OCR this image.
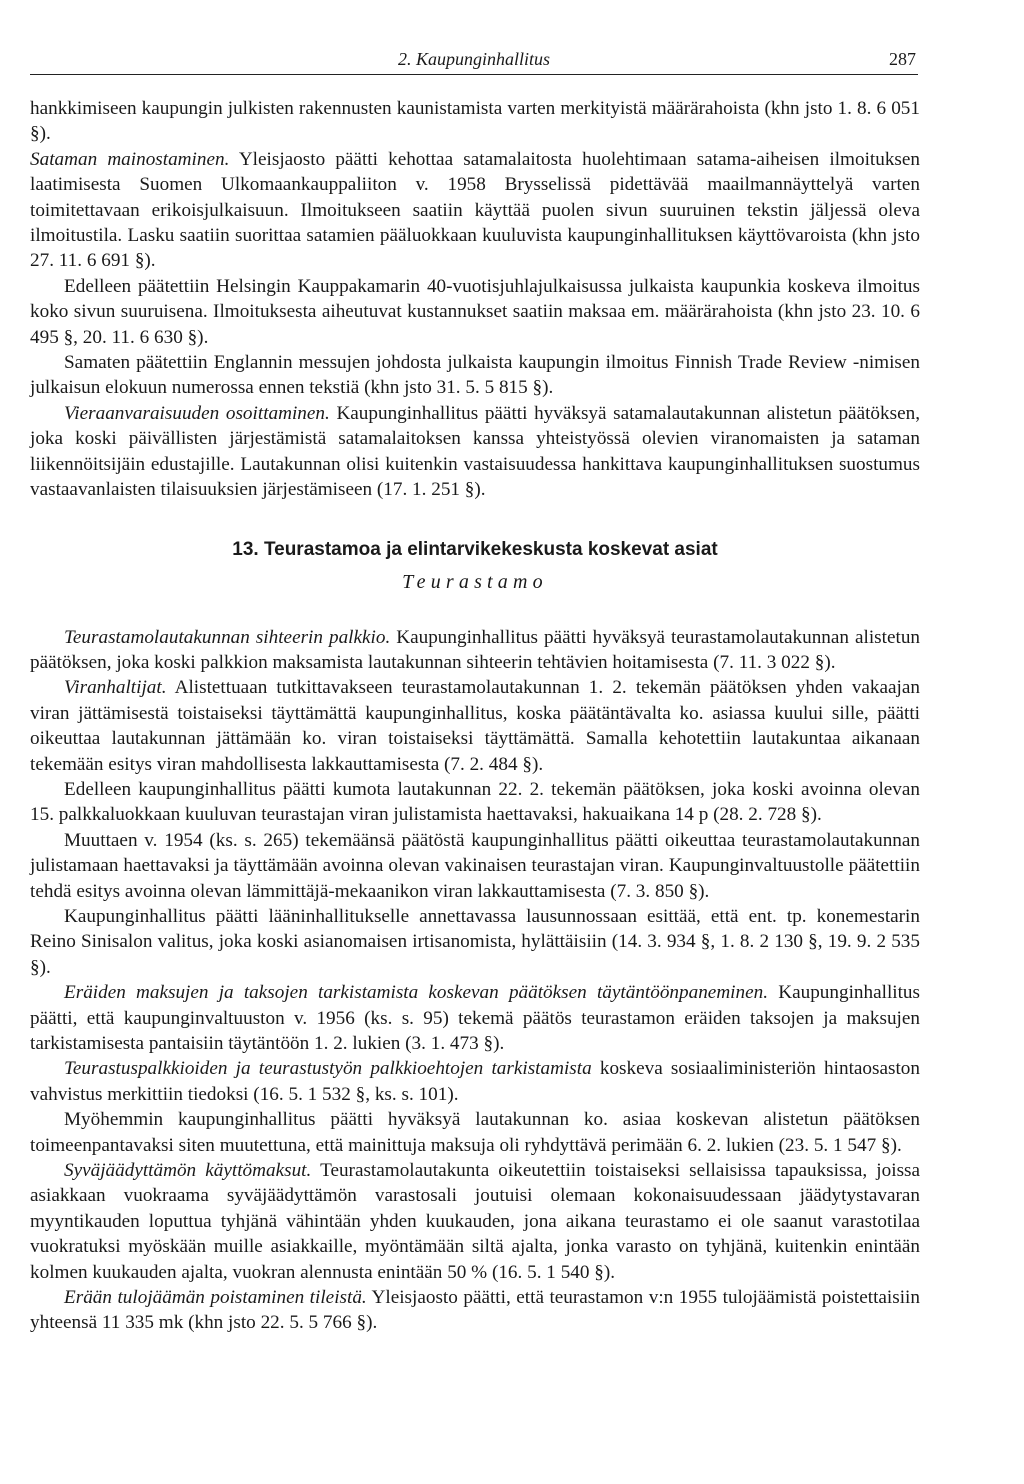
2. Kaupunginhallitus	287

hankkimiseen kaupungin julkisten rakennusten kaunistamista varten merkityistä määrärahoista (khn jsto 1. 8. 6 051 §).

Sataman mainostaminen. Yleisjaosto päätti kehottaa satamalaitosta huolehtimaan satama-aiheisen ilmoituksen laatimisesta Suomen Ulkomaankauppaliiton v. 1958 Brysselissä pidettävää maailmannäyttelyä varten toimitettavaan erikoisjulkaisuun. Ilmoitukseen saatiin käyttää puolen sivun suuruinen tekstin jäljessä oleva ilmoitustila. Lasku saatiin suorittaa satamien pääluokkaan kuuluvista kaupunginhallituksen käyttövaroista (khn jsto 27. 11. 6 691 §).

Edelleen päätettiin Helsingin Kauppakamarin 40-vuotisjuhlajulkaisussa julkaista kaupunkia koskeva ilmoitus koko sivun suuruisena. Ilmoituksesta aiheutuvat kustannukset saatiin maksaa em. määrärahoista (khn jsto 23. 10. 6 495 §, 20. 11. 6 630 §).

Samaten päätettiin Englannin messujen johdosta julkaista kaupungin ilmoitus Finnish Trade Review -nimisen julkaisun elokuun numerossa ennen tekstiä (khn jsto 31. 5. 5 815 §).

Vieraanvaraisuuden osoittaminen. Kaupunginhallitus päätti hyväksyä satamalautakunnan alistetun päätöksen, joka koski päivällisten järjestämistä satamalaitoksen kanssa yhteistyössä olevien viranomaisten ja sataman liikennöitsijäin edustajille. Lautakunnan olisi kuitenkin vastaisuudessa hankittava kaupunginhallituksen suostumus vastaavanlaisten tilaisuuksien järjestämiseen (17. 1. 251 §).

13. Teurastamoa ja elintarvikekeskusta koskevat asiat
Teurastamo

Teurastamolautakunnan sihteerin palkkio. Kaupunginhallitus päätti hyväksyä teurastamolautakunnan alistetun päätöksen, joka koski palkkion maksamista lautakunnan sihteerin tehtävien hoitamisesta (7. 11. 3 022 §).

Viranhaltijat. Alistettuaan tutkittavakseen teurastamolautakunnan 1. 2. tekemän päätöksen yhden vakaajan viran jättämisestä toistaiseksi täyttämättä kaupunginhallitus, koska päätäntävalta ko. asiassa kuului sille, päätti oikeuttaa lautakunnan jättämään ko. viran toistaiseksi täyttämättä. Samalla kehotettiin lautakuntaa aikanaan tekemään esitys viran mahdollisesta lakkauttamisesta (7. 2. 484 §).

Edelleen kaupunginhallitus päätti kumota lautakunnan 22. 2. tekemän päätöksen, joka koski avoinna olevan 15. palkkaluokkaan kuuluvan teurastajan viran julistamista haettavaksi, hakuaikana 14 p (28. 2. 728 §).

Muuttaen v. 1954 (ks. s. 265) tekemäänsä päätöstä kaupunginhallitus päätti oikeuttaa teurastamolautakunnan julistamaan haettavaksi ja täyttämään avoinna olevan vakinaisen teurastajan viran. Kaupunginvaltuustolle päätettiin tehdä esitys avoinna olevan lämmittäjä-mekaanikon viran lakkauttamisesta (7. 3. 850 §).

Kaupunginhallitus päätti lääninhallitukselle annettavassa lausunnossaan esittää, että ent. tp. konemestarin Reino Sinisalon valitus, joka koski asianomaisen irtisanomista, hylättäisiin (14. 3. 934 §, 1. 8. 2 130 §, 19. 9. 2 535 §).

Eräiden maksujen ja taksojen tarkistamista koskevan päätöksen täytäntöönpaneminen. Kaupunginhallitus päätti, että kaupunginvaltuuston v. 1956 (ks. s. 95) tekemä päätös teurastamon eräiden taksojen ja maksujen tarkistamisesta pantaisiin täytäntöön 1. 2. lukien (3. 1. 473 §).

Teurastuspalkkioiden ja teurastustyön palkkioehtojen tarkistamista koskeva sosiaaliministeriön hintaosaston vahvistus merkittiin tiedoksi (16. 5. 1 532 §, ks. s. 101).

Myöhemmin kaupunginhallitus päätti hyväksyä lautakunnan ko. asiaa koskevan alistetun päätöksen toimeenpantavaksi siten muutettuna, että mainittuja maksuja oli ryhdyttävä perimään 6. 2. lukien (23. 5. 1 547 §).

Syväjäädyttämön käyttömaksut. Teurastamolautakunta oikeutettiin toistaiseksi sellaisissa tapauksissa, joissa asiakkaan vuokraama syväjäädyttämön varastosali joutuisi olemaan kokonaisuudessaan jäädytystavaran myyntikauden loputtua tyhjänä vähintään yhden kuukauden, jona aikana teurastamo ei ole saanut varastotilaa vuokratuksi myöskään muille asiakkaille, myöntämään siltä ajalta, jonka varasto on tyhjänä, kuitenkin enintään kolmen kuukauden ajalta, vuokran alennusta enintään 50 % (16. 5. 1 540 §).

Erään tulojäämän poistaminen tileistä. Yleisjaosto päätti, että teurastamon v:n 1955 tulojäämistä poistettaisiin yhteensä 11 335 mk (khn jsto 22. 5. 5 766 §).
